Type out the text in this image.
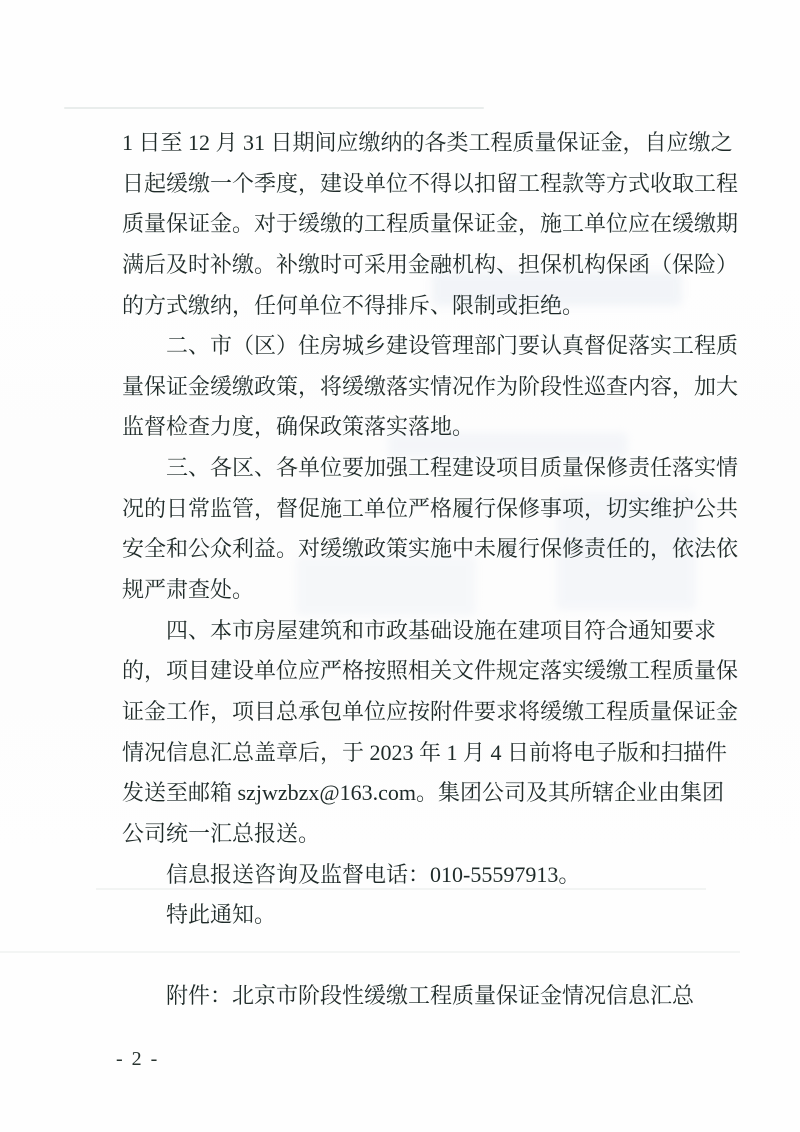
1 日至 12 月 31 日期间应缴纳的各类工程质量保证金，自应缴之
日起缓缴一个季度，建设单位不得以扣留工程款等方式收取工程
质量保证金。对于缓缴的工程质量保证金，施工单位应在缓缴期
满后及时补缴。补缴时可采用金融机构、担保机构保函（保险）
的方式缴纳，任何单位不得排斥、限制或拒绝。
　　二、市（区）住房城乡建设管理部门要认真督促落实工程质
量保证金缓缴政策，将缓缴落实情况作为阶段性巡查内容，加大
监督检查力度，确保政策落实落地。
　　三、各区、各单位要加强工程建设项目质量保修责任落实情
况的日常监管，督促施工单位严格履行保修事项，切实维护公共
安全和公众利益。对缓缴政策实施中未履行保修责任的，依法依
规严肃查处。
　　四、本市房屋建筑和市政基础设施在建项目符合通知要求
的，项目建设单位应严格按照相关文件规定落实缓缴工程质量保
证金工作，项目总承包单位应按附件要求将缓缴工程质量保证金
情况信息汇总盖章后，于 2023 年 1 月 4 日前将电子版和扫描件
发送至邮箱 szjwzbzx@163.com。集团公司及其所辖企业由集团
公司统一汇总报送。
　　信息报送咨询及监督电话：010-55597913。
　　特此通知。
　　附件：北京市阶段性缓缴工程质量保证金情况信息汇总
- 2 -
